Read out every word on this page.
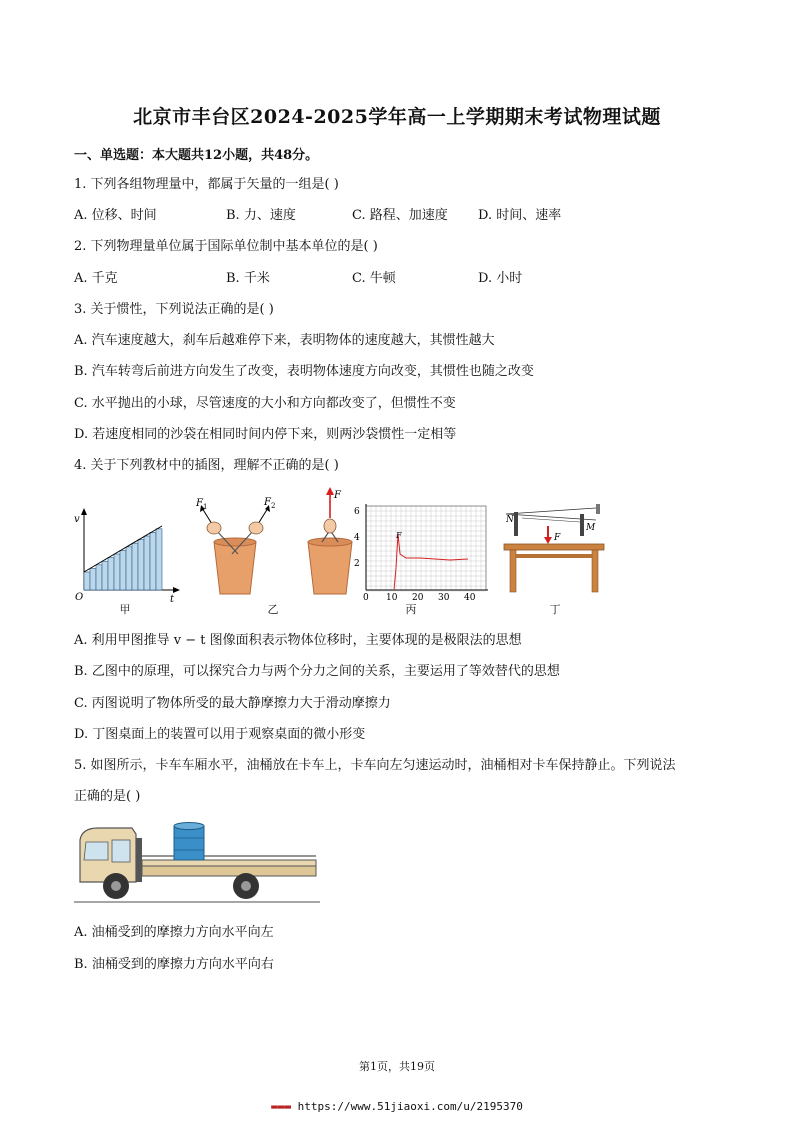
北京市丰台区2024-2025学年高一上学期期末考试物理试题
一、单选题：本大题共12小题，共48分。
1. 下列各组物理量中，都属于矢量的一组是( )
A. 位移、时间	B. 力、速度	C. 路程、加速度 D. 时间、速率
2. 下列物理量单位属于国际单位制中基本单位的是( )
A. 千克	B. 千米	C. 牛顿	D. 小时
3. 关于惯性，下列说法正确的是( )
A. 汽车速度越大，刹车后越难停下来，表明物体的速度越大，其惯性越大
B. 汽车转弯后前进方向发生了改变，表明物体速度方向改变，其惯性也随之改变
C. 水平抛出的小球，尽管速度的大小和方向都改变了，但惯性不变
D. 若速度相同的沙袋在相同时间内停下来，则两沙袋惯性一定相等
4. 关于下列教材中的插图，理解不正确的是( )
v
t
O
甲
F 1	F 2
乙
F
F
6
4
2
0 10 20 30 40
丙
N
M
F
丁
A. 利用甲图推导 v − t 图像面积表示物体位移时，主要体现的是极限法的思想
B. 乙图中的原理，可以探究合力与两个分力之间的关系，主要运用了等效替代的思想
C. 丙图说明了物体所受的最大静摩擦力大于滑动摩擦力
D. 丁图桌面上的装置可以用于观察桌面的微小形变
5. 如图所示，卡车车厢水平，油桶放在卡车上，卡车向左匀速运动时，油桶相对卡车保持静止。下列说法
正确的是( )
A. 油桶受到的摩擦力方向水平向左
B. 油桶受到的摩擦力方向水平向右
第1页，共19页
▬▬▬ https://www.51jiaoxi.com/u/2195370
